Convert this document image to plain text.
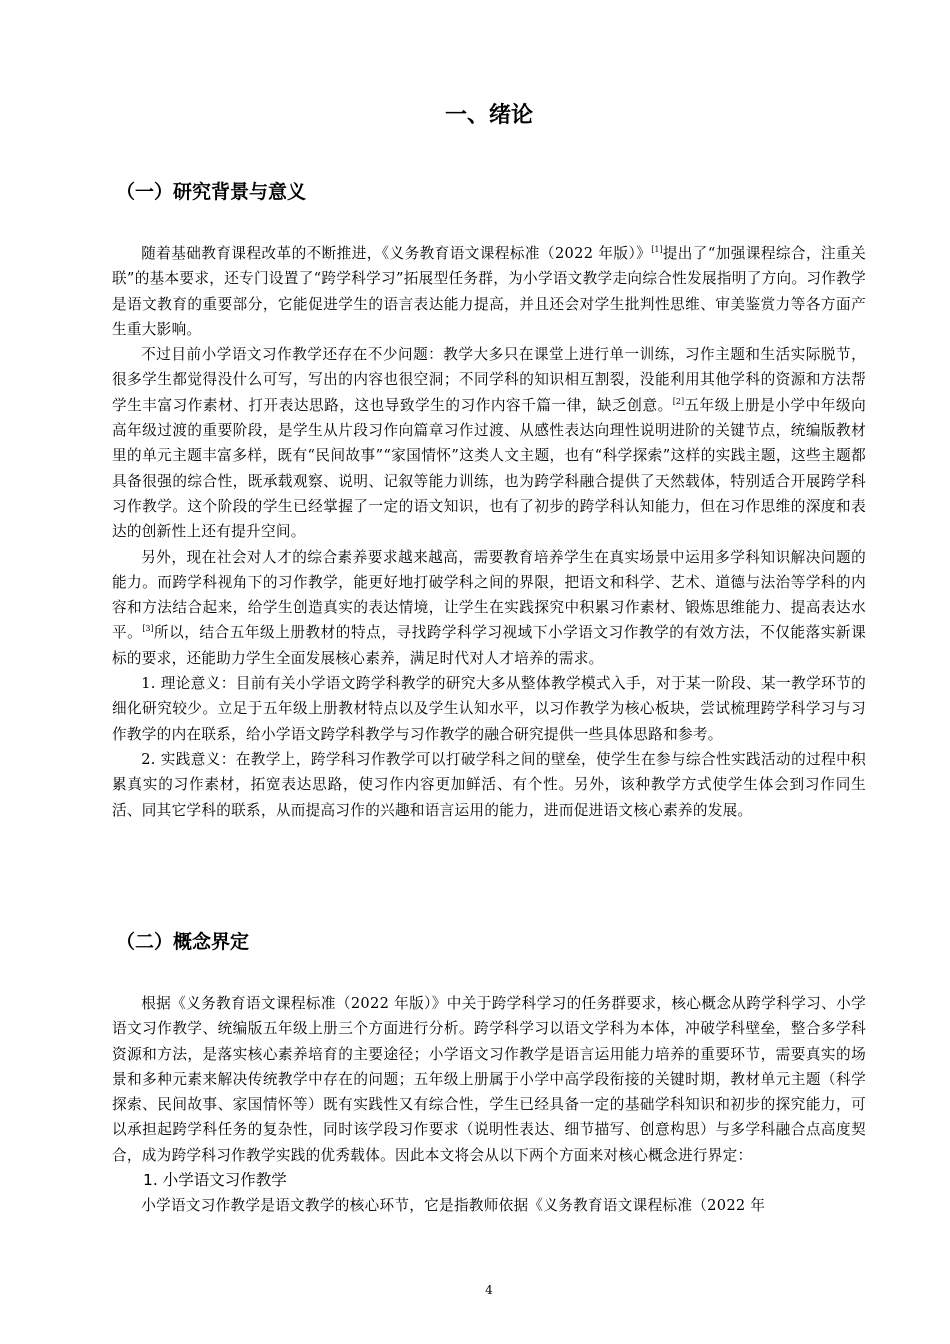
一、绪论
（一）研究背景与意义

随着基础教育课程改革的不断推进，《义务教育语文课程标准（2022 年版）》[1]提出了“加强课程综合，注重关联”的基本要求，还专门设置了“跨学科学习”拓展型任务群，为小学语文教学走向综合性发展指明了方向。习作教学是语文教育的重要部分，它能促进学生的语言表达能力提高，并且还会对学生批判性思维、审美鉴赏力等各方面产生重大影响。

不过目前小学语文习作教学还存在不少问题：教学大多只在课堂上进行单一训练，习作主题和生活实际脱节，很多学生都觉得没什么可写，写出的内容也很空洞；不同学科的知识相互割裂，没能利用其他学科的资源和方法帮学生丰富习作素材、打开表达思路，这也导致学生的习作内容千篇一律，缺乏创意。[2]五年级上册是小学中年级向高年级过渡的重要阶段，是学生从片段习作向篇章习作过渡、从感性表达向理性说明进阶的关键节点，统编版教材里的单元主题丰富多样，既有“民间故事”“家国情怀”这类人文主题，也有“科学探索”这样的实践主题，这些主题都具备很强的综合性，既承载观察、说明、记叙等能力训练，也为跨学科融合提供了天然载体，特别适合开展跨学科习作教学。这个阶段的学生已经掌握了一定的语文知识，也有了初步的跨学科认知能力，但在习作思维的深度和表达的创新性上还有提升空间。

另外，现在社会对人才的综合素养要求越来越高，需要教育培养学生在真实场景中运用多学科知识解决问题的能力。而跨学科视角下的习作教学，能更好地打破学科之间的界限，把语文和科学、艺术、道德与法治等学科的内容和方法结合起来，给学生创造真实的表达情境，让学生在实践探究中积累习作素材、锻炼思维能力、提高表达水平。[3]所以，结合五年级上册教材的特点，寻找跨学科学习视域下小学语文习作教学的有效方法，不仅能落实新课标的要求，还能助力学生全面发展核心素养，满足时代对人才培养的需求。

1. 理论意义：目前有关小学语文跨学科教学的研究大多从整体教学模式入手，对于某一阶段、某一教学环节的细化研究较少。立足于五年级上册教材特点以及学生认知水平，以习作教学为核心板块，尝试梳理跨学科学习与习作教学的内在联系，给小学语文跨学科教学与习作教学的融合研究提供一些具体思路和参考。

2. 实践意义：在教学上，跨学科习作教学可以打破学科之间的壁垒，使学生在参与综合性实践活动的过程中积累真实的习作素材，拓宽表达思路，使习作内容更加鲜活、有个性。另外，该种教学方式使学生体会到习作同生活、同其它学科的联系，从而提高习作的兴趣和语言运用的能力，进而促进语文核心素养的发展。

（二）概念界定

根据《义务教育语文课程标准（2022 年版）》中关于跨学科学习的任务群要求，核心概念从跨学科学习、小学语文习作教学、统编版五年级上册三个方面进行分析。跨学科学习以语文学科为本体，冲破学科壁垒，整合多学科资源和方法，是落实核心素养培育的主要途径；小学语文习作教学是语言运用能力培养的重要环节，需要真实的场景和多种元素来解决传统教学中存在的问题；五年级上册属于小学中高学段衔接的关键时期，教材单元主题（科学探索、民间故事、家国情怀等）既有实践性又有综合性，学生已经具备一定的基础学科知识和初步的探究能力，可以承担起跨学科任务的复杂性，同时该学段习作要求（说明性表达、细节描写、创意构思）与多学科融合点高度契合，成为跨学科习作教学实践的优秀载体。因此本文将会从以下两个方面来对核心概念进行界定：

1. 小学语文习作教学

小学语文习作教学是语文教学的核心环节，它是指教师依据《义务教育语文课程标准（2022 年

4
